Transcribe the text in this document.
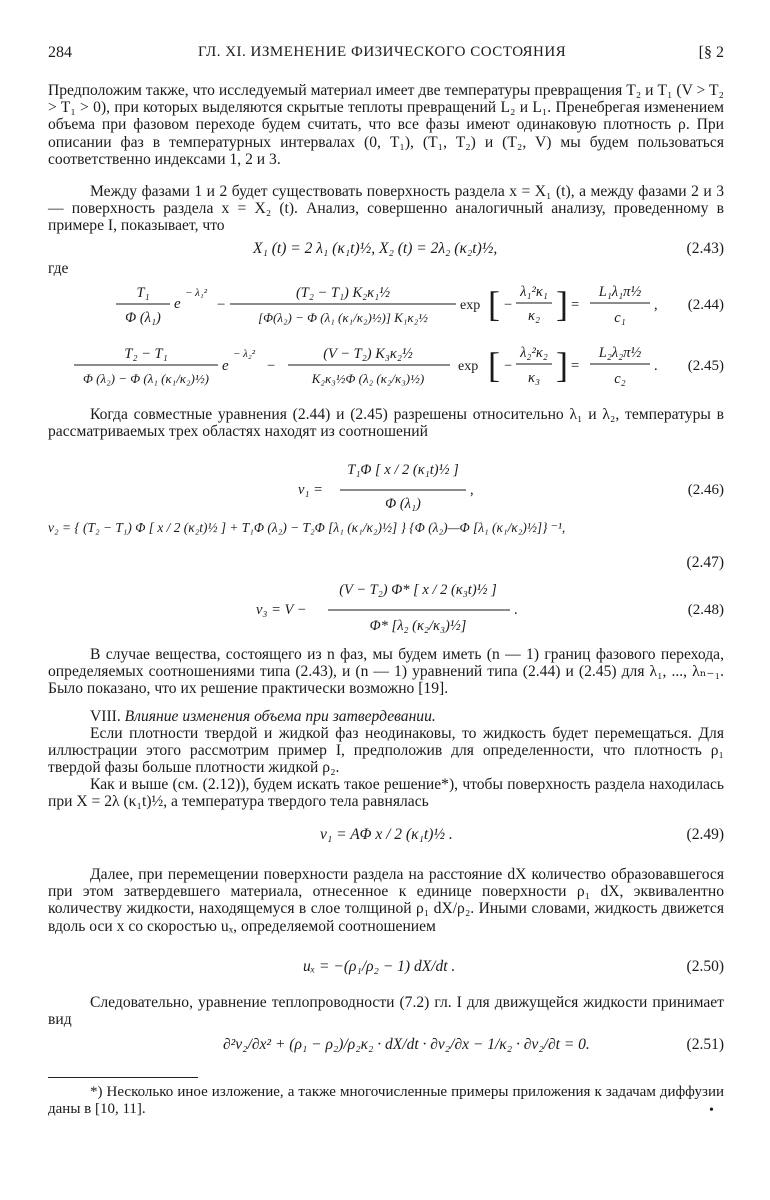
284	ГЛ. XI. ИЗМЕНЕНИЕ ФИЗИЧЕСКОГО СОСТОЯНИЯ	[§ 2

Предположим также, что исследуемый материал имеет две температуры превращения T₂ и T₁ (V > T₂ > T₁ > 0), при которых выделяются скрытые теплоты превращений L₂ и L₁. Пренебрегая изменением объема при фазовом переходе будем считать, что все фазы имеют одинаковую плотность ρ. При описании фаз в температурных интервалах (0, T₁), (T₁, T₂) и (T₂, V) мы будем пользоваться соответственно индексами 1, 2 и 3.

Между фазами 1 и 2 будет существовать поверхность раздела x = X₁ (t), а между фазами 2 и 3 — поверхность раздела x = X₂ (t). Анализ, совершенно аналогичный анализу, проведенному в примере I, показывает, что

X₁ (t) = 2 λ₁ (κ₁t)½, X₂ (t) = 2λ₂ (κ₂t)½,	(2.43)

где

T₁
Φ (λ₁)
e
− λ₁²
−
(T₂ − T₁) K₂κ₁½
[Φ(λ₂) − Φ (λ₁ (κ₁/κ₂)½)] K₁κ₂½
exp [ −
λ₁²κ₁
κ₂ ] =
L₁λ₁π½
c₁
, (2.44)
T₂ − T₁
Φ (λ₂) − Φ (λ₁ (κ₁/κ₂)½)
e
− λ₂²
−
(V − T₂) K₃κ₂½
K₂κ₃½Φ (λ₂ (κ₂/κ₃)½)
exp [ −
λ₂²κ₂
κ₃ ] =
L₂λ₂π½
c₂
. (2.45)

Когда совместные уравнения (2.44) и (2.45) разрешены относительно λ₁ и λ₂, температуры в рассматриваемых трех областях находят из соотношений

v₁ =
T₁Φ [ x / 2 (κ₁t)½ ]
Φ (λ₁)
,	(2.46)
v₂ = { (T₂ − T₁) Φ [ x / 2 (κ₂t)½ ] + T₁Φ (λ₂) − T₂Φ [λ₁ (κ₁/κ₂)½] } {Φ (λ₂)—Φ [λ₁ (κ₁/κ₂)½]} ⁻¹,
(2.47)
v₃ = V −
(V − T₂) Φ* [ x / 2 (κ₃t)½ ]
Φ* [λ₂ (κ₂/κ₃)½]
.	(2.48)

В случае вещества, состоящего из n фаз, мы будем иметь (n — 1) границ фазового перехода, определяемых соотношениями типа (2.43), и (n — 1) уравнений типа (2.44) и (2.45) для λ₁, ..., λₙ₋₁. Было показано, что их решение практически возможно [19].

VIII. Влияние изменения объема при затвердевании.

Если плотности твердой и жидкой фаз неодинаковы, то жидкость будет перемещаться. Для иллюстрации этого рассмотрим пример I, предположив для определенности, что плотность ρ₁ твердой фазы больше плотности жидкой ρ₂.

Как и выше (см. (2.12)), будем искать такое решение*), чтобы поверхность раздела находилась при X = 2λ (κ₁t)½, а температура твердого тела равнялась

v₁ = AΦ x / 2 (κ₁t)½ .	(2.49)

Далее, при перемещении поверхности раздела на расстояние dX количество образовавшегося при этом затвердевшего материала, отнесенное к единице поверхности ρ₁ dX, эквивалентно количеству жидкости, находящемуся в слое толщиной ρ₁ dX/ρ₂. Иными словами, жидкость движется вдоль оси x со скоростью uₓ, определяемой соотношением

uₓ = −(ρ₁/ρ₂ − 1) dX/dt .	(2.50)

Следовательно, уравнение теплопроводности (7.2) гл. I для движущейся жидкости принимает вид

∂²v₂/∂x² + (ρ₁ − ρ₂)/ρ₂κ₂ · dX/dt · ∂v₂/∂x − 1/κ₂ · ∂v₂/∂t = 0.	(2.51)

*) Несколько иное изложение, а также многочисленные примеры приложения к задачам диффузии даны в [10, 11].	•
